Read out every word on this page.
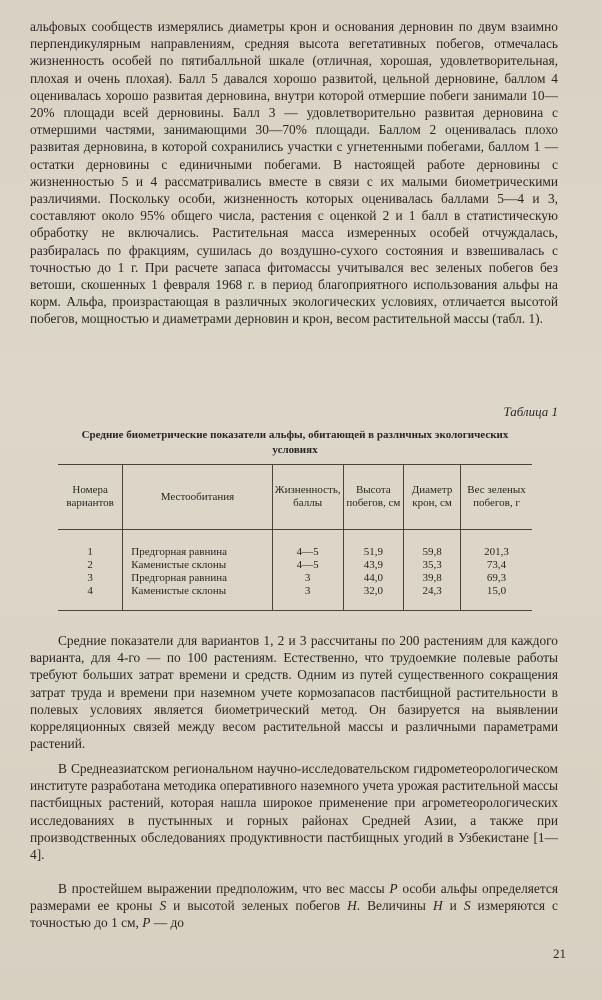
альфовых сообществ измерялись диаметры крон и основания дерновин по двум взаимно перпендикулярным направлениям, средняя высота вегетативных побегов, отмечалась жизненность особей по пятибалльной шкале (отличная, хорошая, удовлетворительная, плохая и очень плохая). Балл 5 давался хорошо развитой, цельной дерновине, баллом 4 оценивалась хорошо развитая дерновина, внутри которой отмершие побеги занимали 10—20% площади всей дерновины. Балл 3 — удовлетворительно развитая дерновина с отмершими частями, занимающими 30—70% площади. Баллом 2 оценивалась плохо развитая дерновина, в которой сохранились участки с угнетенными побегами, баллом 1 — остатки дерновины с единичными побегами. В настоящей работе дерновины с жизненностью 5 и 4 рассматривались вместе в связи с их малыми биометрическими различиями. Поскольку особи, жизненность которых оценивалась баллами 5—4 и 3, составляют около 95% общего числа, растения с оценкой 2 и 1 балл в статистическую обработку не включались. Растительная масса измеренных особей отчуждалась, разбиралась по фракциям, сушилась до воздушно-сухого состояния и взвешивалась с точностью до 1 г. При расчете запаса фитомассы учитывался вес зеленых побегов без ветоши, скошенных 1 февраля 1968 г. в период благоприятного использования альфы на корм. Альфа, произрастающая в различных экологических условиях, отличается высотой побегов, мощностью и диаметрами дерновин и крон, весом растительной массы (табл. 1).

Таблица 1
Средние биометрические показатели альфы, обитающей в различных экологических условиях
Номера вариантов	Местообитания	Жизненность, баллы	Высота побегов, см	Диаметр крон, см	Вес зеленых побегов, г
1	Предгорная равнина	4—5	51,9	59,8	201,3
2	Каменистые склоны	4—5	43,9	35,3	73,4
3	Предгорная равнина	3	44,0	39,8	69,3
4	Каменистые склоны	3	32,0	24,3	15,0

Средние показатели для вариантов 1, 2 и 3 рассчитаны по 200 растениям для каждого варианта, для 4-го — по 100 растениям. Естественно, что трудоемкие полевые работы требуют больших затрат времени и средств. Одним из путей существенного сокращения затрат труда и времени при наземном учете кормозапасов пастбищной растительности в полевых условиях является биометрический метод. Он базируется на выявлении корреляционных связей между весом растительной массы и различными параметрами растений.

В Среднеазиатском региональном научно-исследовательском гидрометеорологическом институте разработана методика оперативного наземного учета урожая растительной массы пастбищных растений, которая нашла широкое применение при агрометеорологических исследованиях в пустынных и горных районах Средней Азии, а также при производственных обследованиях продуктивности пастбищных угодий в Узбекистане [1—4].

В простейшем выражении предположим, что вес массы P особи альфы определяется размерами ее кроны S и высотой зеленых побегов H. Величины H и S измеряются с точностью до 1 см, P — до

21
